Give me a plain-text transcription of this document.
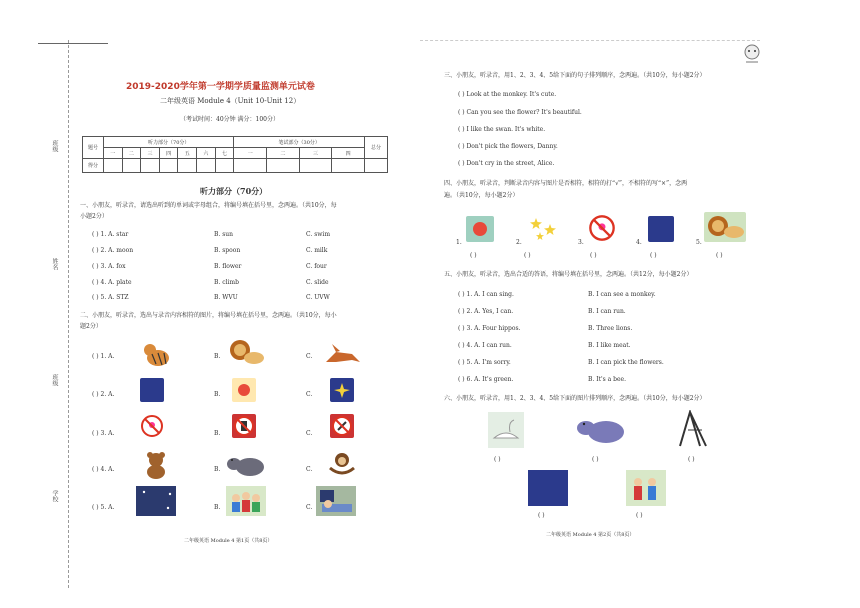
班级
姓名
班级
学校
2019-2020学年第一学期学质量监测单元试卷
二年级英语 Module 4（Unit 10-Unit 12）
（考试时间：40分钟 满分：100分）
题号	听力部分（70分）							笔试部分（30分）				总分
	一	二	三	四	五	六	七	一	二	三	四	
得分												
听力部分（70分）
一、小朋友，听录音，请选出听到的单词或字母组合，将编号填在括号里，念两遍。（共10分，每
小题2分）
( ) 1. A. star	B. sun	C. swim
( ) 2. A. moon	B. spoon	C. milk
( ) 3. A. fox	B. flower	C. four
( ) 4. A. plate	B. climb	C. slide
( ) 5. A. STZ	B. WVU	C. UVW
二、小朋友，听录音，选出与录音内容相符的图片，将编号填在括号里，念两遍。（共10分，每小
题2分）
( ) 1. A.	B.	C.
( ) 2. A.	B.	C.
( ) 3. A.	B.	C.
( ) 4. A.	B.	C.
( ) 5. A.	B.	C.
二年级英语 Module 4 第1页（共8页）
三、小朋友，听录音，用1、2、3、4、5给下面的句子排列顺序，念两遍。（共10分，每小题2分）
( ) Look at the monkey. It's cute.
( ) Can you see the flower? It's beautiful.
( ) I like the swan. It's white.
( ) Don't pick the flowers, Danny.
( ) Don't cry in the street, Alice.
四、小朋友，听录音，判断录音内容与图片是否相符，相符的打“√”，不相符的写“×”，念两
遍。（共10分，每小题2分）
1.	2.	3.	4.	5.
( )	( )	( )	( )	( )
五、小朋友，听录音，选出合适的答语，将编号填在括号里，念两遍。（共12分，每小题2分）
( ) 1. A. I can sing.	B. I can see a monkey.
( ) 2. A. Yes, I can.	B. I can run.
( ) 3. A. Four hippos.	B. Three lions.
( ) 4. A. I can run.	B. I like meat.
( ) 5. A. I'm sorry.	B. I can pick the flowers.
( ) 6. A. It's green.	B. It's a bee.
六、小朋友，听录音，用1、2、3、4、5给下面的图片排列顺序，念两遍。（共10分，每小题2分）
( )	( )	( )
( )	( )
二年级英语 Module 4 第2页（共8页）
